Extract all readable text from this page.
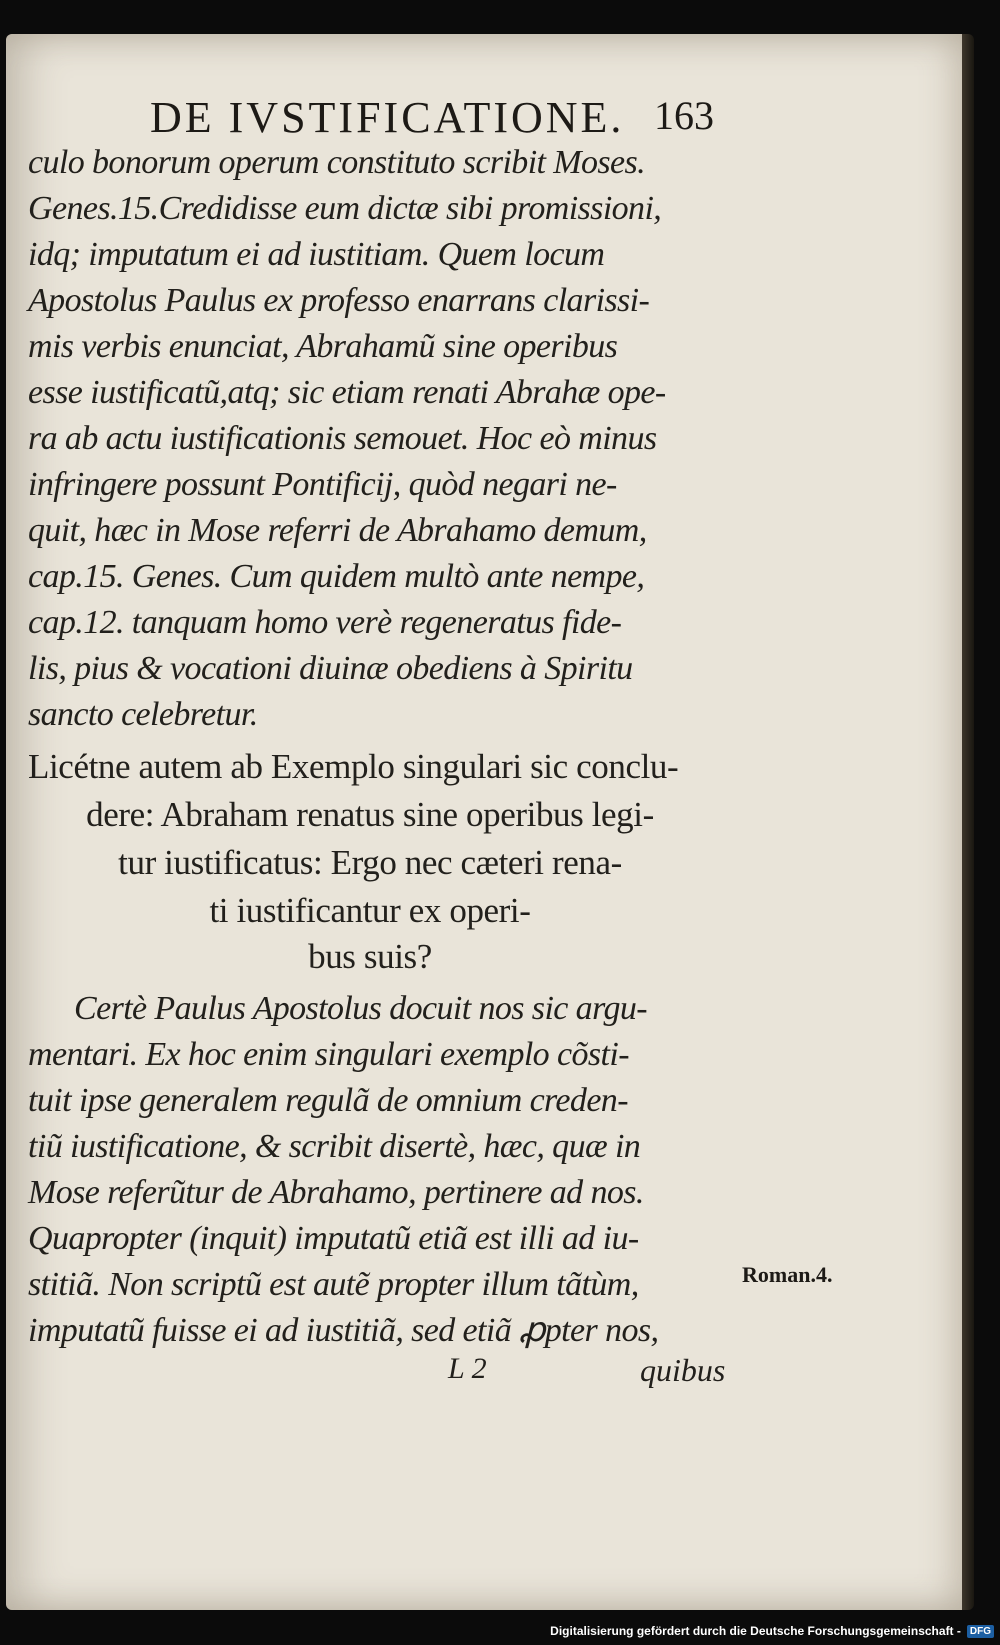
DE IVSTIFICATIONE. 163
culo bonorum operum constituto scribit Moses.
Genes.15.Credidisse eum dictæ sibi promissioni,
idq; imputatum ei ad iustitiam. Quem locum
Apostolus Paulus ex professo enarrans clarissi-
mis verbis enunciat, Abrahamũ sine operibus
esse iustificatũ,atq; sic etiam renati Abrahæ ope-
ra ab actu iustificationis semouet. Hoc eò minus
infringere possunt Pontificij, quòd negari ne-
quit, hæc in Mose referri de Abrahamo demum,
cap.15. Genes. Cum quidem multò ante nempe,
cap.12. tanquam homo verè regeneratus fide-
lis, pius & vocationi diuinæ obediens à Spiritu
sancto celebretur.
Licétne autem ab Exemplo singulari sic conclu-
dere: Abraham renatus sine operibus legi-
tur iustificatus: Ergo nec cæteri rena-
ti iustificantur ex operi-
bus suis?
Certè Paulus Apostolus docuit nos sic argu-
mentari. Ex hoc enim singulari exemplo cõsti-
tuit ipse generalem regulã de omnium creden-
tiũ iustificatione, & scribit disertè, hæc, quæ in
Mose referũtur de Abrahamo, pertinere ad nos.
Quapropter (inquit) imputatũ etiã est illi ad iu-
stitiã. Non scriptũ est autẽ propter illum tãtùm,
imputatũ fuisse ei ad iustitiã, sed etiã ꝓpter nos,
Roman.4.
L 2	quibus
Digitalisierung gefördert durch die Deutsche Forschungsgemeinschaft - DFG
